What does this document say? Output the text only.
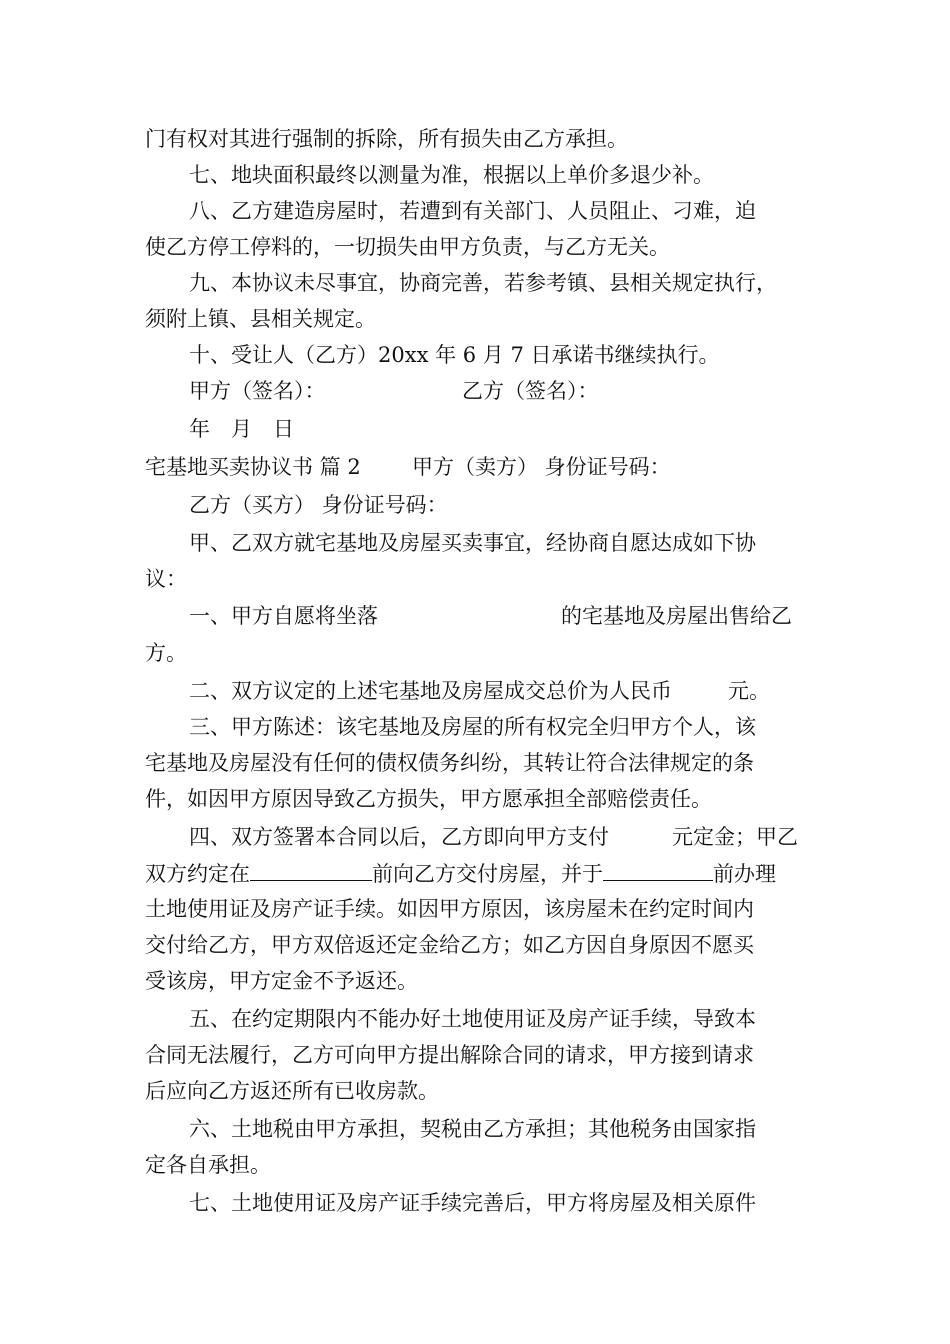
门有权对其进行强制的拆除，所有损失由乙方承担。
七、地块面积最终以测量为准，根据以上单价多退少补。
八、乙方建造房屋时，若遭到有关部门、人员阻止、刁难，迫
使乙方停工停料的，一切损失由甲方负责，与乙方无关。
九、本协议未尽事宜，协商完善，若参考镇、县相关规定执行，
须附上镇、县相关规定。
十、受让人（乙方）20xx 年 6 月 7 日承诺书继续执行。
甲方（签名）：	乙方（签名）：
年　月　日
宅基地买卖协议书 篇 2 甲方（卖方） 身份证号码：
乙方（买方） 身份证号码：
甲、乙双方就宅基地及房屋买卖事宜，经协商自愿达成如下协
议：
一、甲方自愿将坐落	的宅基地及房屋出售给乙
方。
二、双方议定的上述宅基地及房屋成交总价为人民币	元。
三、甲方陈述：该宅基地及房屋的所有权完全归甲方个人，该
宅基地及房屋没有任何的债权债务纠纷，其转让符合法律规定的条
件，如因甲方原因导致乙方损失，甲方愿承担全部赔偿责任。
四、双方签署本合同以后，乙方即向甲方支付	元定金；甲乙
双方约定在	前向乙方交付房屋，并于	前办理
土地使用证及房产证手续。如因甲方原因，该房屋未在约定时间内
交付给乙方，甲方双倍返还定金给乙方；如乙方因自身原因不愿买
受该房，甲方定金不予返还。
五、在约定期限内不能办好土地使用证及房产证手续，导致本
合同无法履行，乙方可向甲方提出解除合同的请求，甲方接到请求
后应向乙方返还所有已收房款。
六、土地税由甲方承担，契税由乙方承担；其他税务由国家指
定各自承担。
七、土地使用证及房产证手续完善后，甲方将房屋及相关原件
